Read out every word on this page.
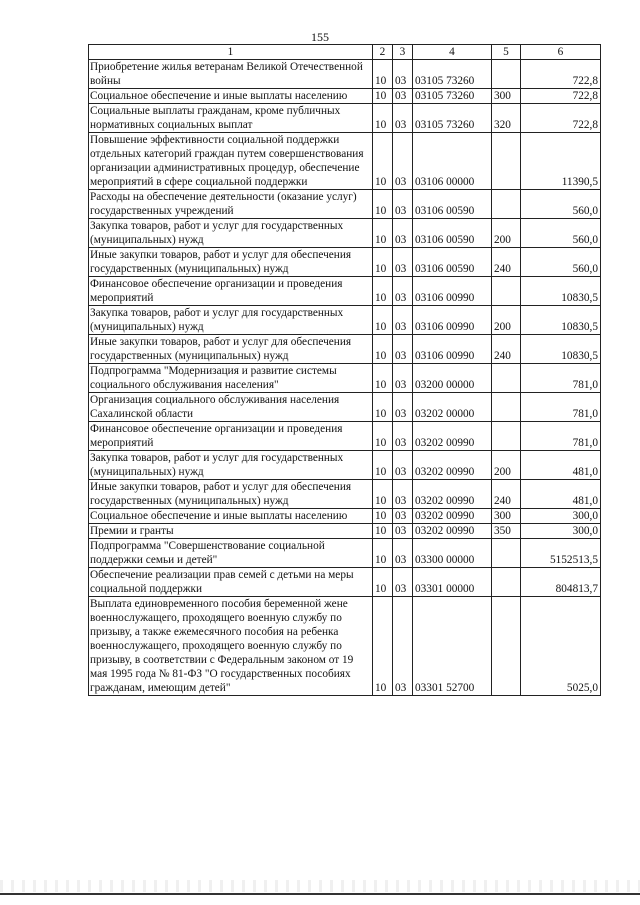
155
1	2	3	4	5	6
Приобретение жилья ветеранам Великой Отечественной войны	10	03	03105 73260		722,8
Социальное обеспечение и иные выплаты населению	10	03	03105 73260	300	722,8
Социальные выплаты гражданам, кроме публичных нормативных социальных выплат	10	03	03105 73260	320	722,8
Повышение эффективности социальной поддержки отдельных категорий граждан путем совершенствования организации административных процедур, обеспечение мероприятий в сфере социальной поддержки	10	03	03106 00000		11390,5
Расходы на обеспечение деятельности (оказание услуг) государственных учреждений	10	03	03106 00590		560,0
Закупка товаров, работ и услуг для государственных (муниципальных) нужд	10	03	03106 00590	200	560,0
Иные закупки товаров, работ и услуг для обеспечения государственных (муниципальных) нужд	10	03	03106 00590	240	560,0
Финансовое обеспечение организации и проведения мероприятий	10	03	03106 00990		10830,5
Закупка товаров, работ и услуг для государственных (муниципальных) нужд	10	03	03106 00990	200	10830,5
Иные закупки товаров, работ и услуг для обеспечения государственных (муниципальных) нужд	10	03	03106 00990	240	10830,5
Подпрограмма "Модернизация и развитие системы социального обслуживания населения"	10	03	03200 00000		781,0
Организация социального обслуживания населения Сахалинской области	10	03	03202 00000		781,0
Финансовое обеспечение организации и проведения мероприятий	10	03	03202 00990		781,0
Закупка товаров, работ и услуг для государственных (муниципальных) нужд	10	03	03202 00990	200	481,0
Иные закупки товаров, работ и услуг для обеспечения государственных (муниципальных) нужд	10	03	03202 00990	240	481,0
Социальное обеспечение и иные выплаты населению	10	03	03202 00990	300	300,0
Премии и гранты	10	03	03202 00990	350	300,0
Подпрограмма "Совершенствование социальной поддержки семьи и детей"	10	03	03300 00000		5152513,5
Обеспечение реализации прав семей с детьми на меры социальной поддержки	10	03	03301 00000		804813,7
Выплата единовременного пособия беременной жене военнослужащего, проходящего военную службу по призыву, а также ежемесячного пособия на ребенка военнослужащего, проходящего военную службу по призыву, в соответствии с Федеральным законом от 19 мая 1995 года № 81-ФЗ "О государственных пособиях гражданам, имеющим детей"	10	03	03301 52700		5025,0
